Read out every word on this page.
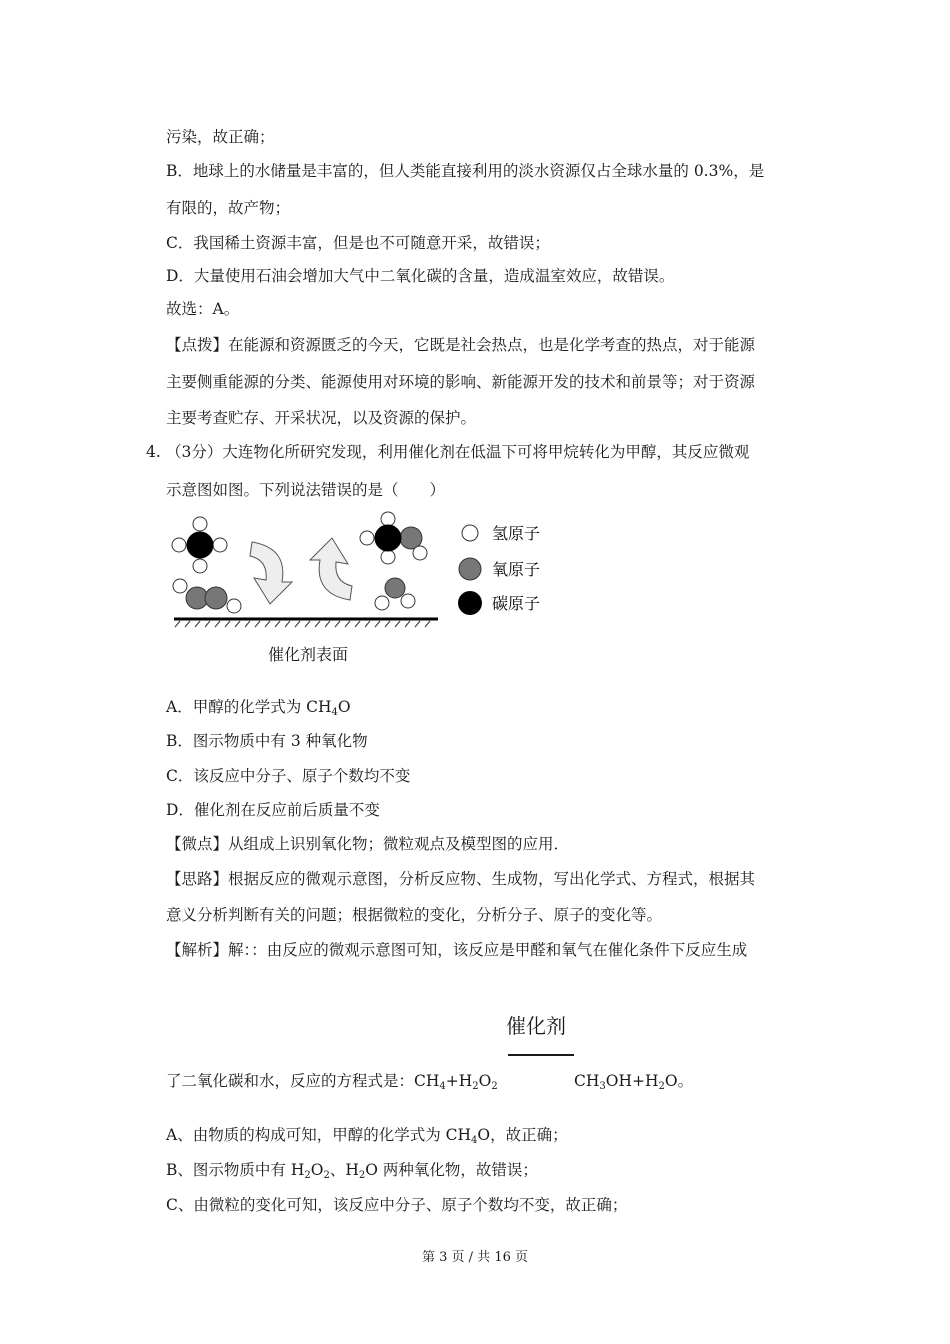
污染，故正确；
B．地球上的水储量是丰富的，但人类能直接利用的淡水资源仅占全球水量的 0.3%，是
有限的，故产物；
C．我国稀土资源丰富，但是也不可随意开采，故错误；
D．大量使用石油会增加大气中二氧化碳的含量，造成温室效应，故错误。
故选：A。
【点拨】在能源和资源匮乏的今天，它既是社会热点，也是化学考查的热点，对于能源
主要侧重能源的分类、能源使用对环境的影响、新能源开发的技术和前景等；对于资源
主要考查贮存、开采状况，以及资源的保护。
4. （3分）大连物化所研究发现，利用催化剂在低温下可将甲烷转化为甲醇，其反应微观
示意图如图。下列说法错误的是（　　）
氢原子
氧原子
碳原子
催化剂表面
A．甲醇的化学式为 $CH_4O$
B．图示物质中有 3 种氧化物
C．该反应中分子、原子个数均不变
D．催化剂在反应前后质量不变
【微点】从组成上识别氧化物；微粒观点及模型图的应用．
【思路】根据反应的微观示意图，分析反应物、生成物，写出化学式、方程式，根据其
意义分析判断有关的问题；根据微粒的变化，分析分子、原子的变化等。
【解析】解：：由反应的微观示意图可知，该反应是甲醛和氧气在催化条件下反应生成
催化剂
了二氧化碳和水，反应的方程式是：$CH_4+H_2O_2$	$CH_3OH+H_2O$。
A、由物质的构成可知，甲醇的化学式为 $CH_4O$，故正确；
B、图示物质中有 $H_2O_2$、$H_2O$ 两种氧化物，故错误；
C、由微粒的变化可知，该反应中分子、原子个数均不变，故正确；
第 3 页 / 共 16 页
